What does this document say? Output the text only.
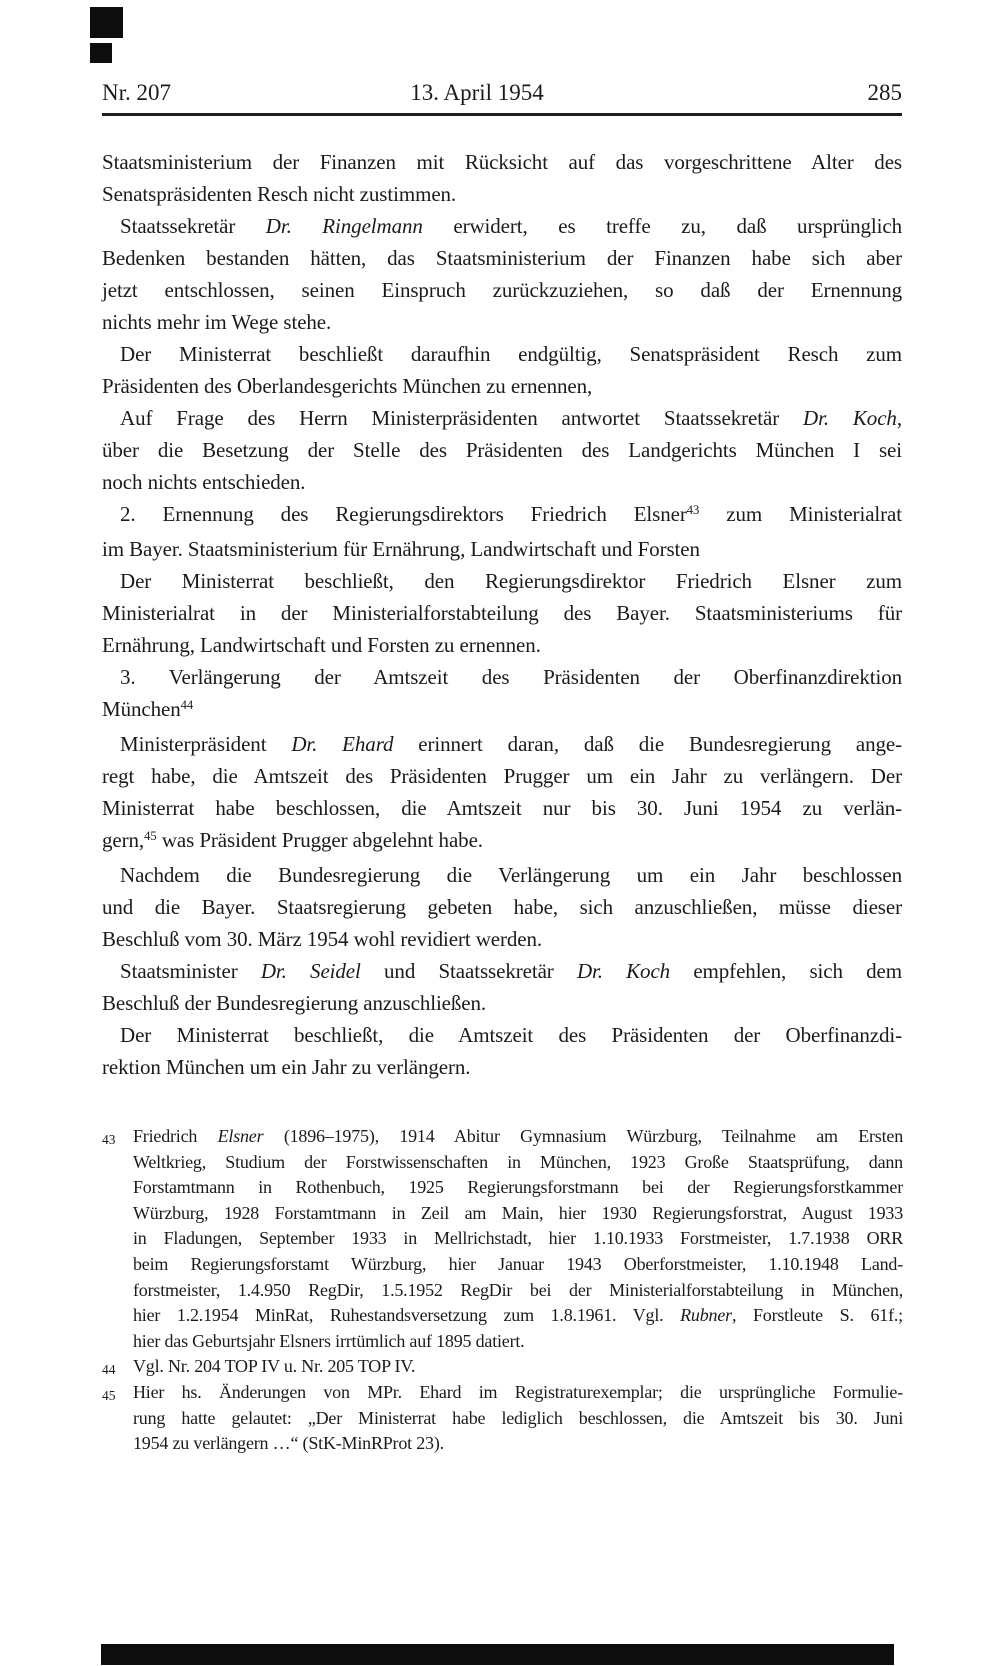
Nr. 207	13. April 1954	285
Staatsministerium der Finanzen mit Rücksicht auf das vorgeschrittene Alter des
Senatspräsidenten Resch nicht zustimmen.
Staatssekretär Dr. Ringelmann erwidert, es treffe zu, daß ursprünglich
Bedenken bestanden hätten, das Staatsministerium der Finanzen habe sich aber
jetzt entschlossen, seinen Einspruch zurückzuziehen, so daß der Ernennung
nichts mehr im Wege stehe.
Der Ministerrat beschließt daraufhin endgültig, Senatspräsident Resch zum
Präsidenten des Oberlandesgerichts München zu ernennen,
Auf Frage des Herrn Ministerpräsidenten antwortet Staatssekretär Dr. Koch,
über die Besetzung der Stelle des Präsidenten des Landgerichts München I sei
noch nichts entschieden.
2. Ernennung des Regierungsdirektors Friedrich Elsner$^{43}$ zum Ministerialrat
im Bayer. Staatsministerium für Ernährung, Landwirtschaft und Forsten
Der Ministerrat beschließt, den Regierungsdirektor Friedrich Elsner zum
Ministerialrat in der Ministerialforstabteilung des Bayer. Staatsministeriums für
Ernährung, Landwirtschaft und Forsten zu ernennen.
3. Verlängerung der Amtszeit des Präsidenten der Oberfinanzdirektion
München$^{44}$
Ministerpräsident Dr. Ehard erinnert daran, daß die Bundesregierung ange-
regt habe, die Amtszeit des Präsidenten Prugger um ein Jahr zu verlängern. Der
Ministerrat habe beschlossen, die Amtszeit nur bis 30. Juni 1954 zu verlän-
gern,$^{45}$ was Präsident Prugger abgelehnt habe.
Nachdem die Bundesregierung die Verlängerung um ein Jahr beschlossen
und die Bayer. Staatsregierung gebeten habe, sich anzuschließen, müsse dieser
Beschluß vom 30. März 1954 wohl revidiert werden.
Staatsminister Dr. Seidel und Staatssekretär Dr. Koch empfehlen, sich dem
Beschluß der Bundesregierung anzuschließen.
Der Ministerrat beschließt, die Amtszeit des Präsidenten der Oberfinanzdi-
rektion München um ein Jahr zu verlängern.
Friedrich Elsner (1896–1975), 1914 Abitur Gymnasium Würzburg, Teilnahme am Ersten
Weltkrieg, Studium der Forstwissenschaften in München, 1923 Große Staatsprüfung, dann
Forstamtmann in Rothenbuch, 1925 Regierungsforstmann bei der Regierungsforstkammer
Würzburg, 1928 Forstamtmann in Zeil am Main, hier 1930 Regierungsforstrat, August 1933
in Fladungen, September 1933 in Mellrichstadt, hier 1.10.1933 Forstmeister, 1.7.1938 ORR
beim Regierungsforstamt Würzburg, hier Januar 1943 Oberforstmeister, 1.10.1948 Land-
forstmeister, 1.4.950 RegDir, 1.5.1952 RegDir bei der Ministerialforstabteilung in München,
hier 1.2.1954 MinRat, Ruhestandsversetzung zum 1.8.1961. Vgl. Rubner, Forstleute S. 61f.;
hier das Geburtsjahr Elsners irrtümlich auf 1895 datiert.
43
Vgl. Nr. 204 TOP IV u. Nr. 205 TOP IV.
44
Hier hs. Änderungen von MPr. Ehard im Registraturexemplar; die ursprüngliche Formulie-
rung hatte gelautet: „Der Ministerrat habe lediglich beschlossen, die Amtszeit bis 30. Juni
1954 zu verlängern …“ (StK-MinRProt 23).
45
